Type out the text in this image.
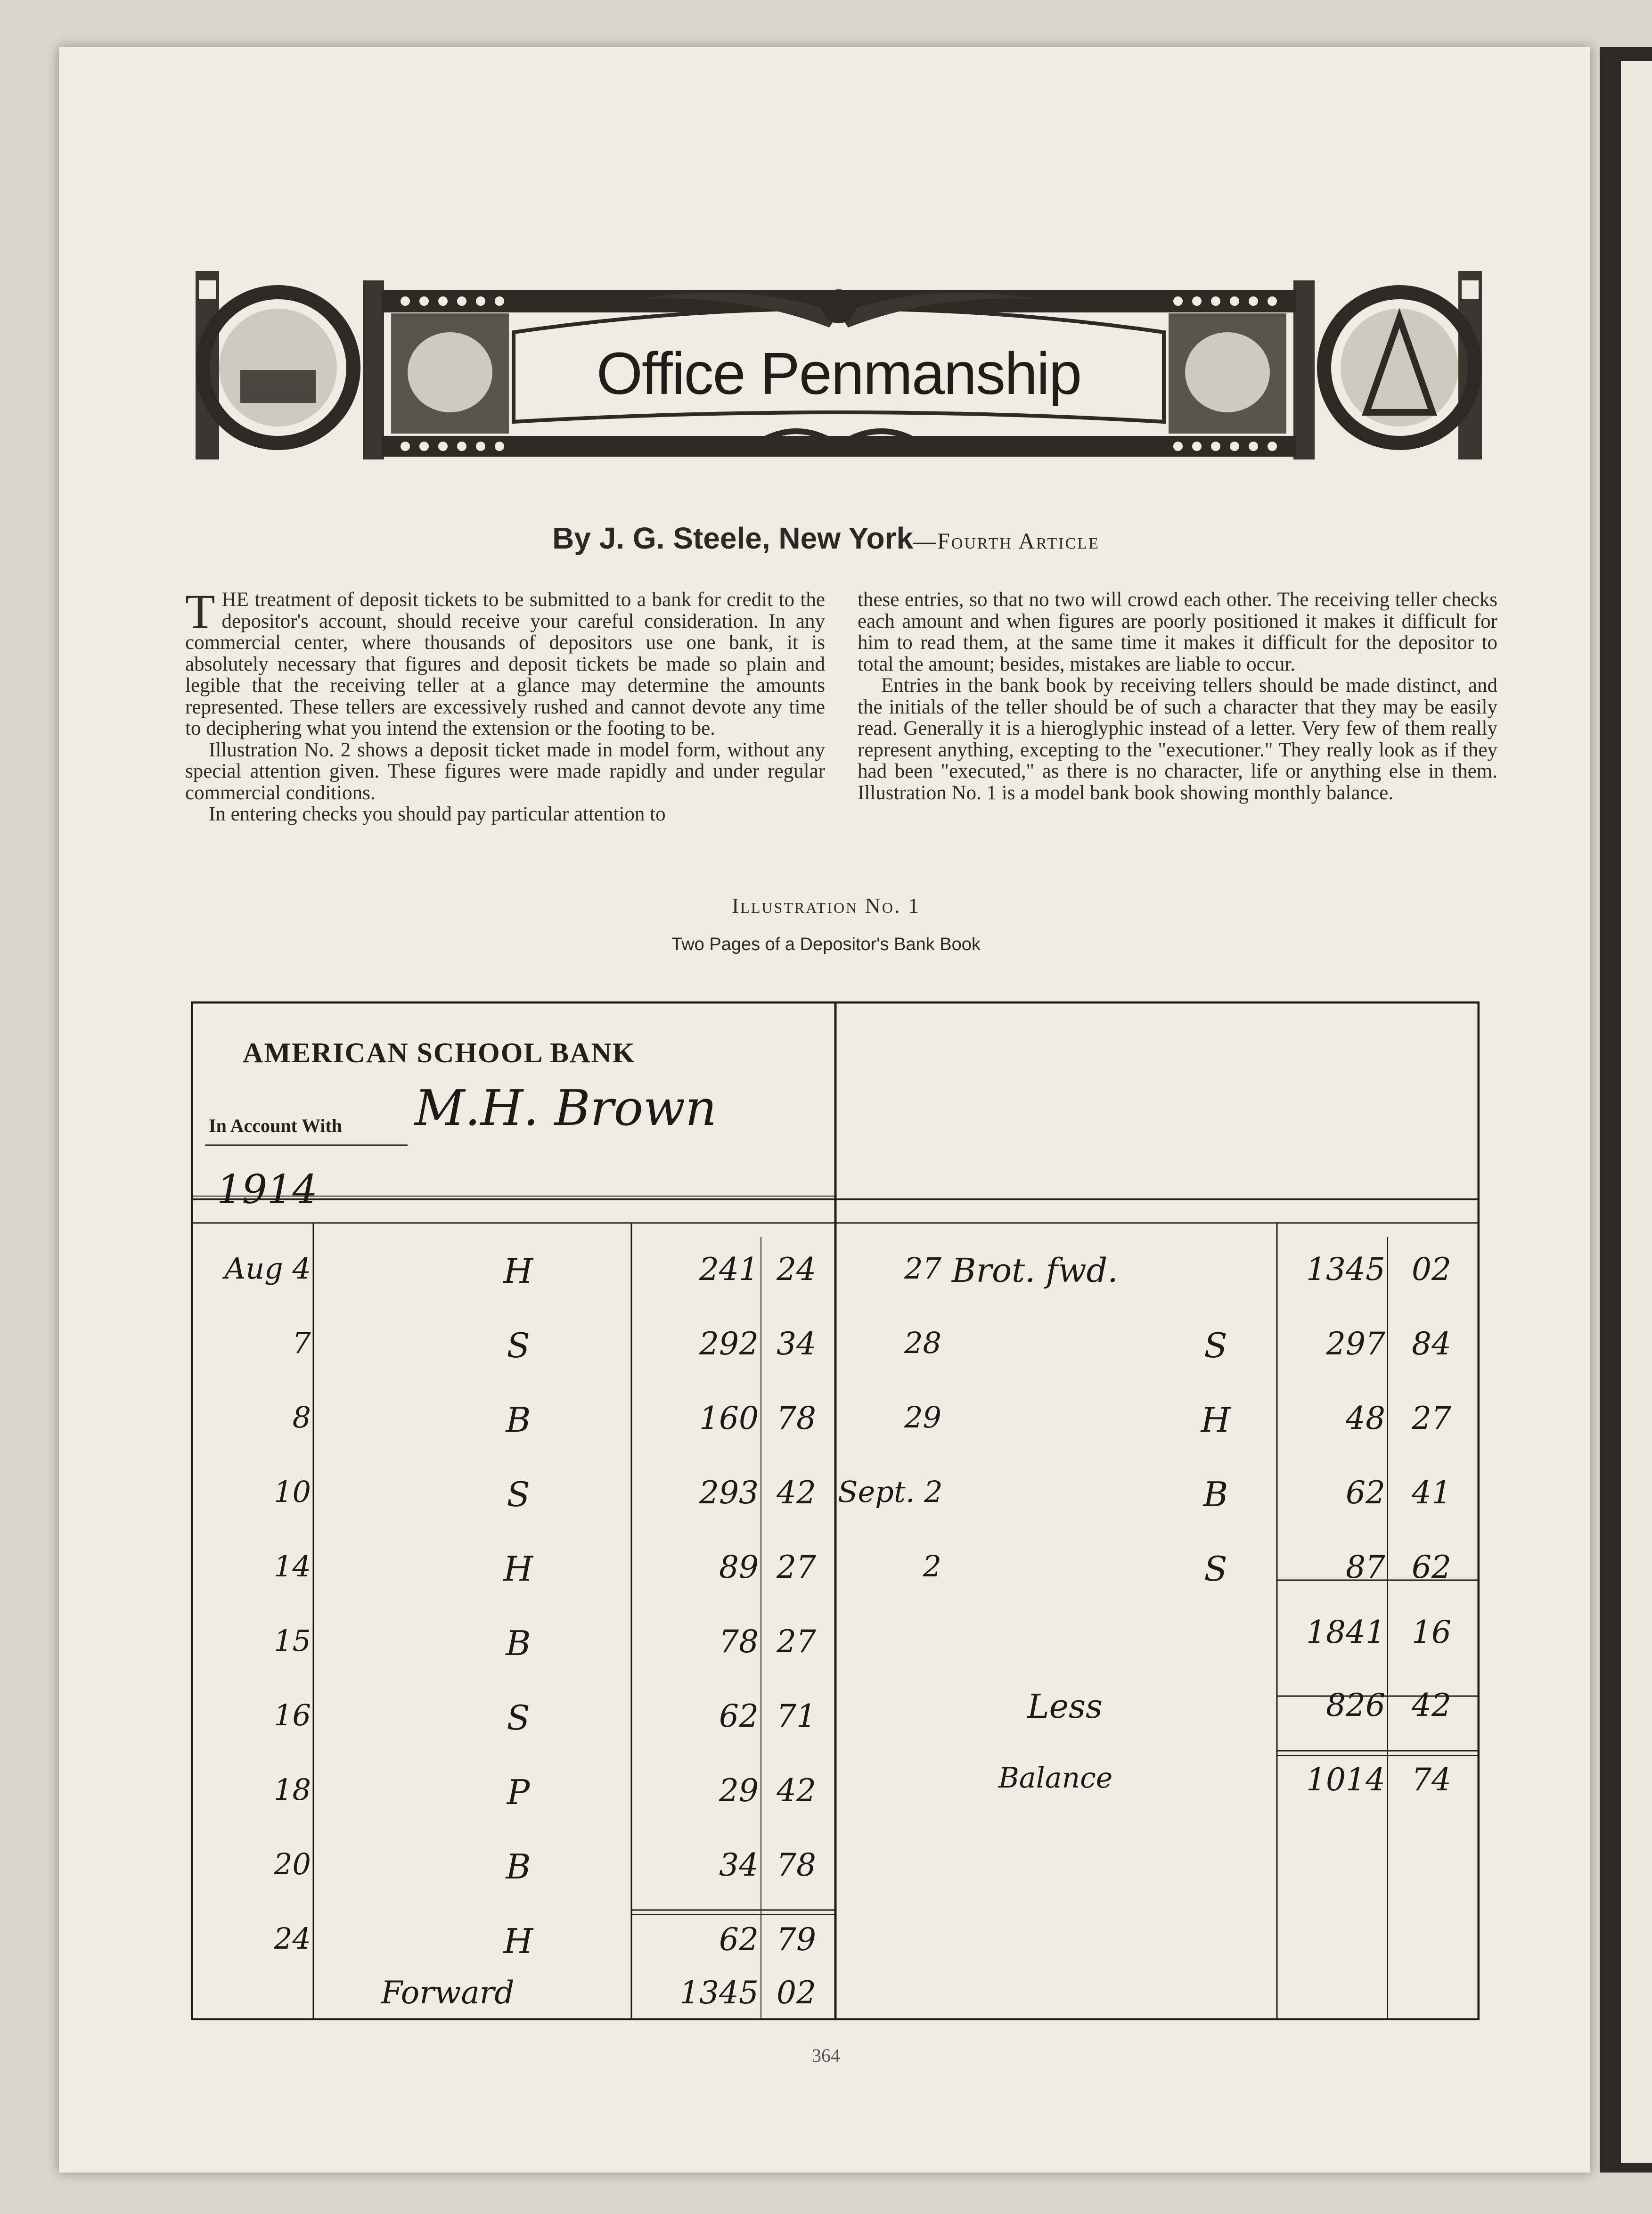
Office Penmanship
By J. G. Steele, New York—Fourth Article

THE treatment of deposit tickets to be submitted to a bank for credit to the depositor's account, should receive your careful consideration. In any commercial center, where thousands of depositors use one bank, it is absolutely necessary that figures and deposit tickets be made so plain and legible that the receiving teller at a glance may determine the amounts represented. These tellers are excessively rushed and cannot devote any time to deciphering what you intend the extension or the footing to be.

Illustration No. 2 shows a deposit ticket made in model form, without any special attention given. These figures were made rapidly and under regular commercial conditions.

In entering checks you should pay particular attention to

these entries, so that no two will crowd each other. The receiving teller checks each amount and when figures are poorly positioned it makes it difficult for him to read them, at the same time it makes it difficult for the depositor to total the amount; besides, mistakes are liable to occur.

Entries in the bank book by receiving tellers should be made distinct, and the initials of the teller should be of such a character that they may be easily read. Generally it is a hieroglyphic instead of a letter. Very few of them really represent anything, excepting to the "executioner." They really look as if they had been "executed," as there is no character, life or anything else in them. Illustration No. 1 is a model bank book showing monthly balance.

Illustration No. 1
Two Pages of a Depositor's Bank Book
AMERICAN SCHOOL BANK
In Account With M.H. Brown
1914
Aug 4	H	241 24
7	S	292 34
8	B	160 78
10	S	293 42
14	H	89 27
15	B	78 27
16	S	62 71
18	P	29 42
20	B	34 78
24	H	62 79
Forward	1345 02
27 Brot. fwd.	1345 02
28	S	297 84
29	H	48 27
Sept. 2	B	62 41
2	S	87 62
1841 16
Less	826 42
Balance	1014 74
364
